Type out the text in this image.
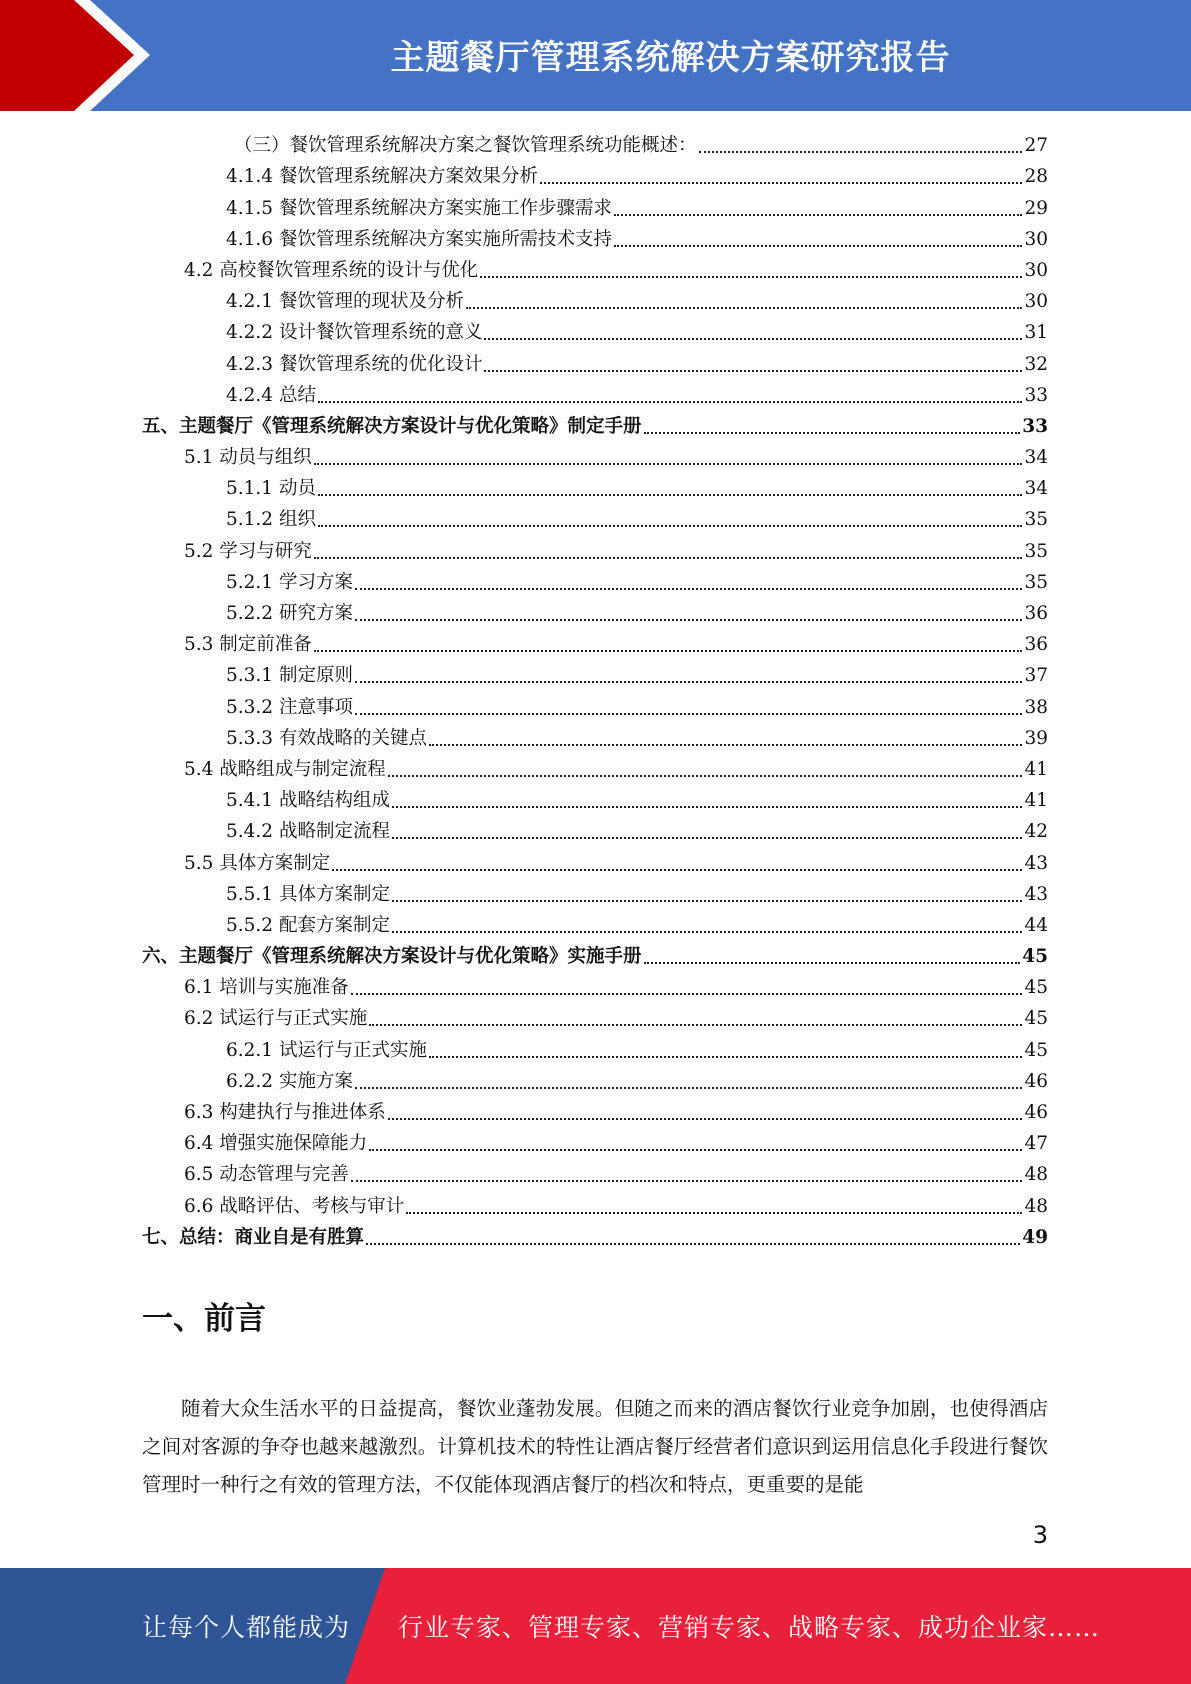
主题餐厅管理系统解决方案研究报告
（三）餐饮管理系统解决方案之餐饮管理系统功能概述：	27
4.1.4 餐饮管理系统解决方案效果分析	28
4.1.5 餐饮管理系统解决方案实施工作步骤需求	29
4.1.6 餐饮管理系统解决方案实施所需技术支持	30
4.2 高校餐饮管理系统的设计与优化	30
4.2.1 餐饮管理的现状及分析	30
4.2.2 设计餐饮管理系统的意义	31
4.2.3 餐饮管理系统的优化设计	32
4.2.4 总结	33
五、主题餐厅《管理系统解决方案设计与优化策略》制定手册	33
5.1 动员与组织	34
5.1.1 动员	34
5.1.2 组织	35
5.2 学习与研究	35
5.2.1 学习方案	35
5.2.2 研究方案	36
5.3 制定前准备	36
5.3.1 制定原则	37
5.3.2 注意事项	38
5.3.3 有效战略的关键点	39
5.4 战略组成与制定流程	41
5.4.1 战略结构组成	41
5.4.2 战略制定流程	42
5.5 具体方案制定	43
5.5.1 具体方案制定	43
5.5.2 配套方案制定	44
六、主题餐厅《管理系统解决方案设计与优化策略》实施手册	45
6.1 培训与实施准备	45
6.2 试运行与正式实施	45
6.2.1 试运行与正式实施	45
6.2.2 实施方案	46
6.3 构建执行与推进体系	46
6.4 增强实施保障能力	47
6.5 动态管理与完善	48
6.6 战略评估、考核与审计	48
七、总结：商业自是有胜算	49
一、前言
随着大众生活水平的日益提高，餐饮业蓬勃发展。但随之而来的酒店餐饮行业竞争加剧，也使得酒店之间对客源的争夺也越来越激烈。计算机技术的特性让酒店餐厅经营者们意识到运用信息化手段进行餐饮管理时一种行之有效的管理方法，不仅能体现酒店餐厅的档次和特点，更重要的是能
3
让每个人都能成为 行业专家、管理专家、营销专家、战略专家、成功企业家……
